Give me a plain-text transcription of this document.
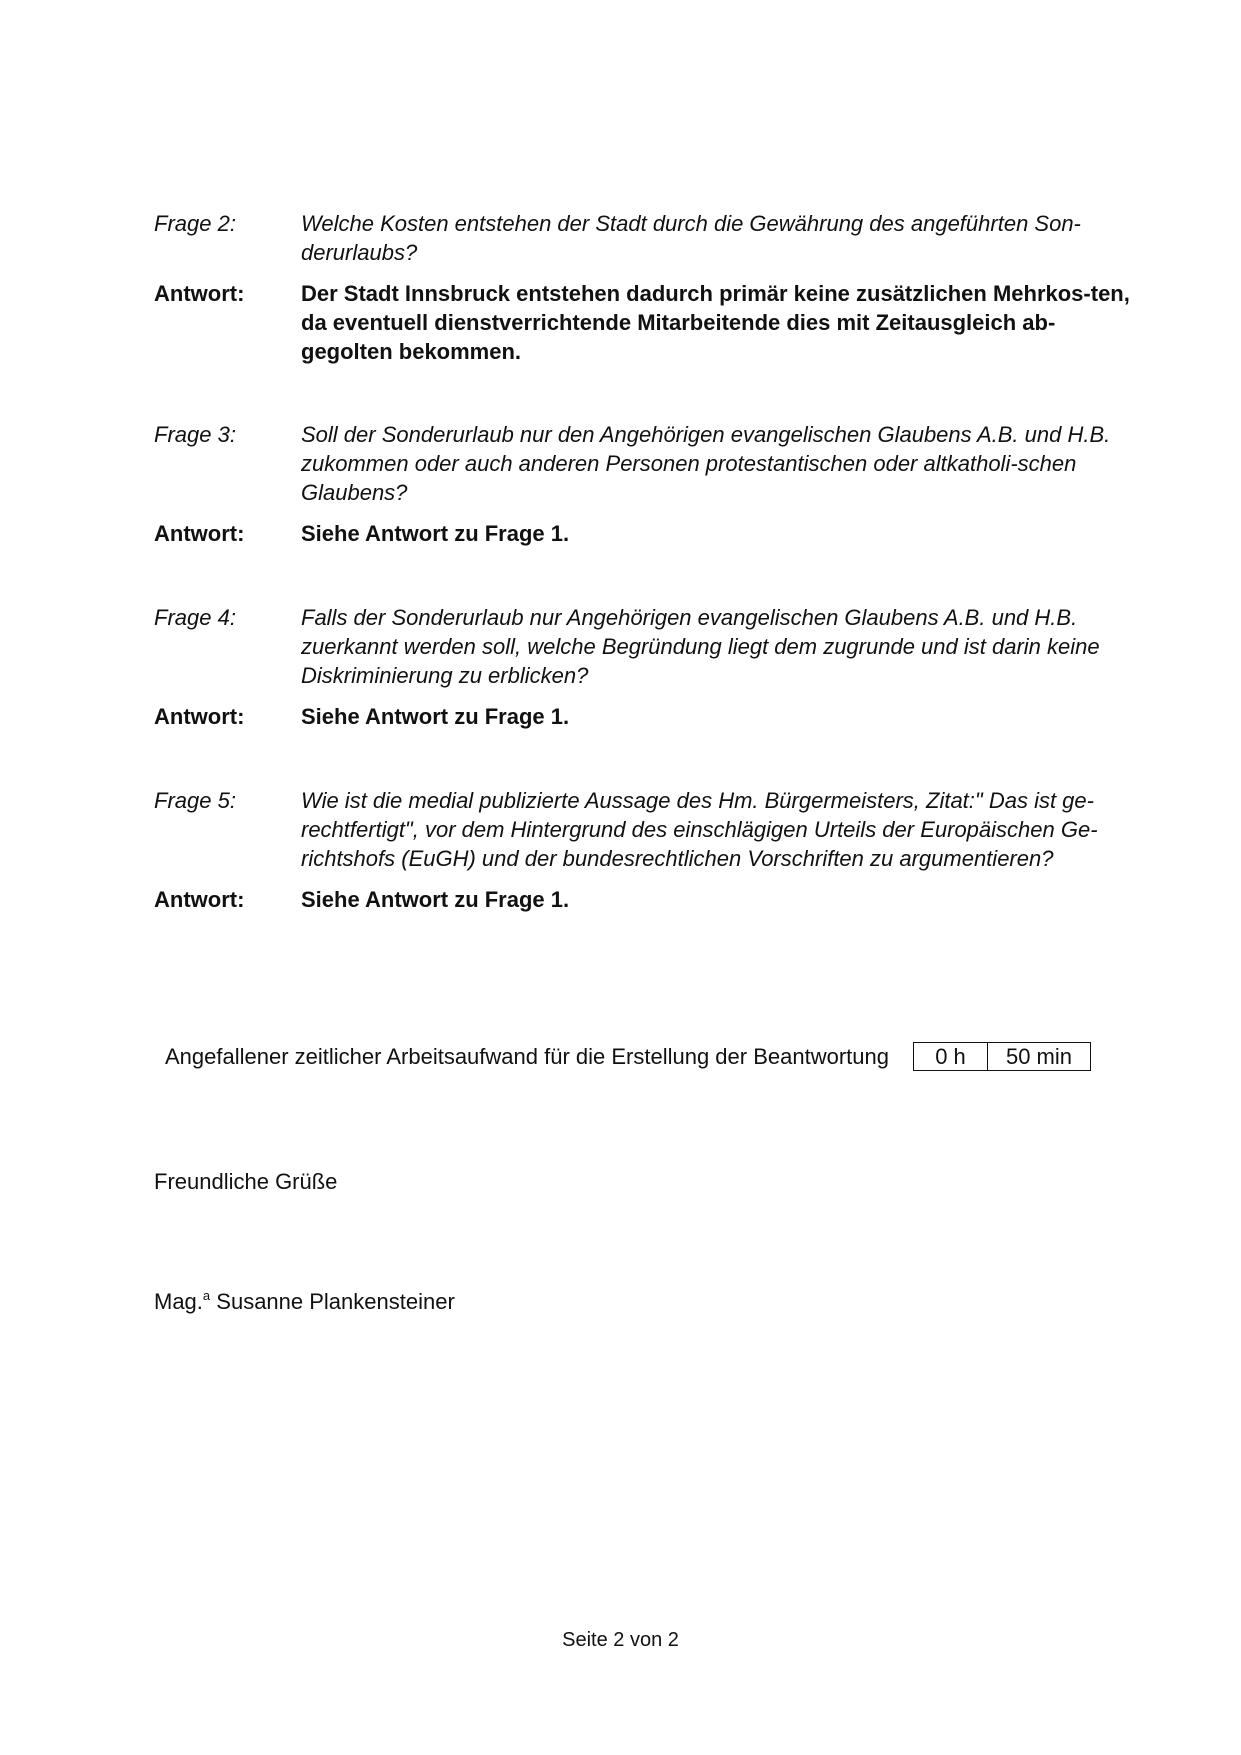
Frage 2:	Welche Kosten entstehen der Stadt durch die Gewährung des angeführten Son-derurlaubs?
Antwort:	Der Stadt Innsbruck entstehen dadurch primär keine zusätzlichen Mehrkos-ten, da eventuell dienstverrichtende Mitarbeitende dies mit Zeitausgleich ab-gegolten bekommen.
Frage 3:	Soll der Sonderurlaub nur den Angehörigen evangelischen Glaubens A.B. und H.B. zukommen oder auch anderen Personen protestantischen oder altkatholi-schen Glaubens?
Antwort:	Siehe Antwort zu Frage 1.
Frage 4:	Falls der Sonderurlaub nur Angehörigen evangelischen Glaubens A.B. und H.B. zuerkannt werden soll, welche Begründung liegt dem zugrunde und ist darin keine Diskriminierung zu erblicken?
Antwort:	Siehe Antwort zu Frage 1.
Frage 5:	Wie ist die medial publizierte Aussage des Hm. Bürgermeisters, Zitat:" Das ist ge-rechtfertigt", vor dem Hintergrund des einschlägigen Urteils der Europäischen Ge-richtshofs (EuGH) und der bundesrechtlichen Vorschriften zu argumentieren?
Antwort:	Siehe Antwort zu Frage 1.
Angefallener zeitlicher Arbeitsaufwand für die Erstellung der Beantwortung	0 h	50 min
Freundliche Grüße
Mag.$^a$ Susanne Plankensteiner
Seite 2 von 2
